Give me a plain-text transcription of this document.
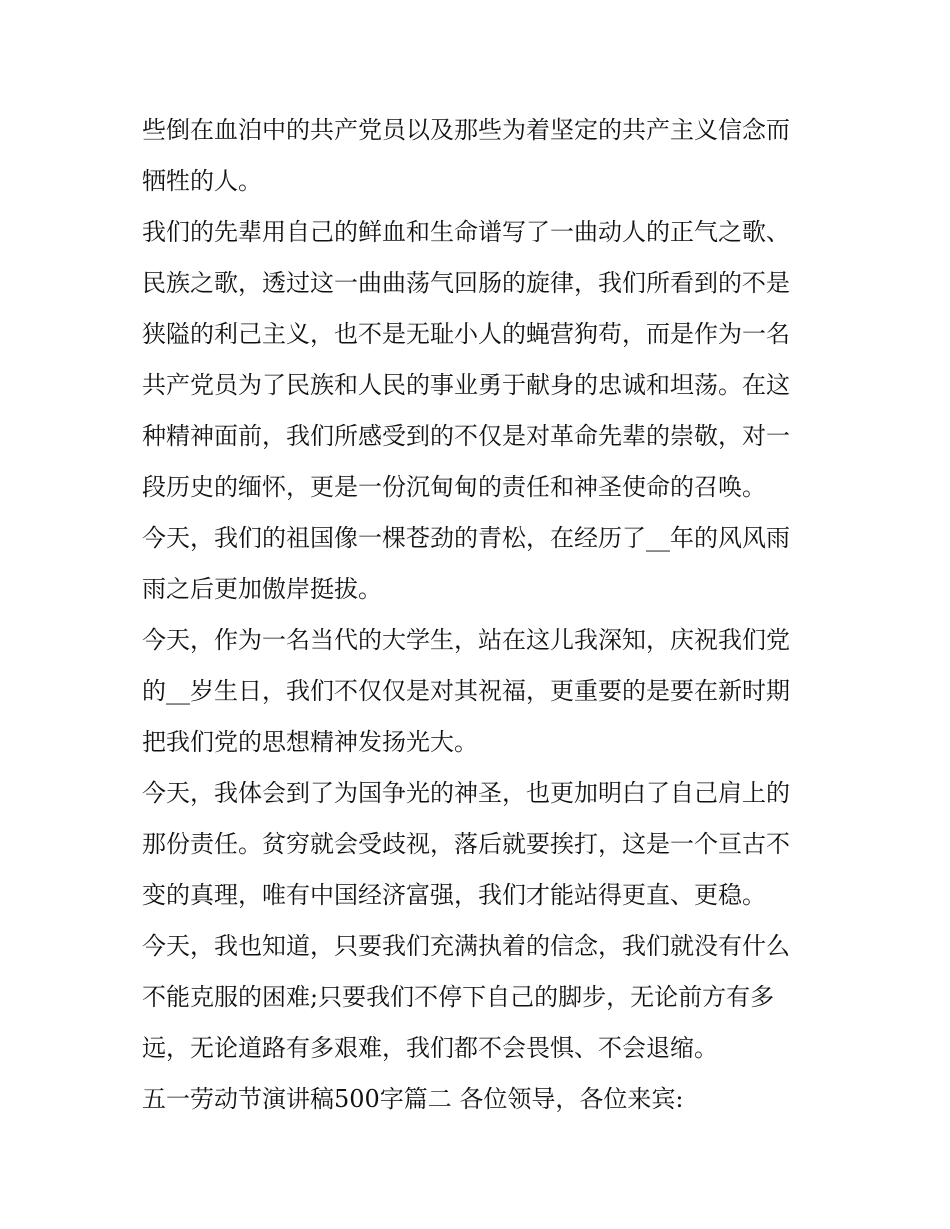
些倒在血泊中的共产党员以及那些为着坚定的共产主义信念而
牺牲的人。
我们的先辈用自己的鲜血和生命谱写了一曲动人的正气之歌、
民族之歌，透过这一曲曲荡气回肠的旋律，我们所看到的不是
狭隘的利己主义，也不是无耻小人的蝇营狗苟，而是作为一名
共产党员为了民族和人民的事业勇于献身的忠诚和坦荡。在这
种精神面前，我们所感受到的不仅是对革命先辈的崇敬，对一
段历史的缅怀，更是一份沉甸甸的责任和神圣使命的召唤。
今天，我们的祖国像一棵苍劲的青松，在经历了__年的风风雨
雨之后更加傲岸挺拔。
今天，作为一名当代的大学生，站在这儿我深知，庆祝我们党
的__岁生日，我们不仅仅是对其祝福，更重要的是要在新时期
把我们党的思想精神发扬光大。
今天，我体会到了为国争光的神圣，也更加明白了自己肩上的
那份责任。贫穷就会受歧视，落后就要挨打，这是一个亘古不
变的真理，唯有中国经济富强，我们才能站得更直、更稳。
今天，我也知道，只要我们充满执着的信念，我们就没有什么
不能克服的困难;只要我们不停下自己的脚步，无论前方有多
远，无论道路有多艰难，我们都不会畏惧、不会退缩。
五一劳动节演讲稿500字篇二 各位领导，各位来宾:
